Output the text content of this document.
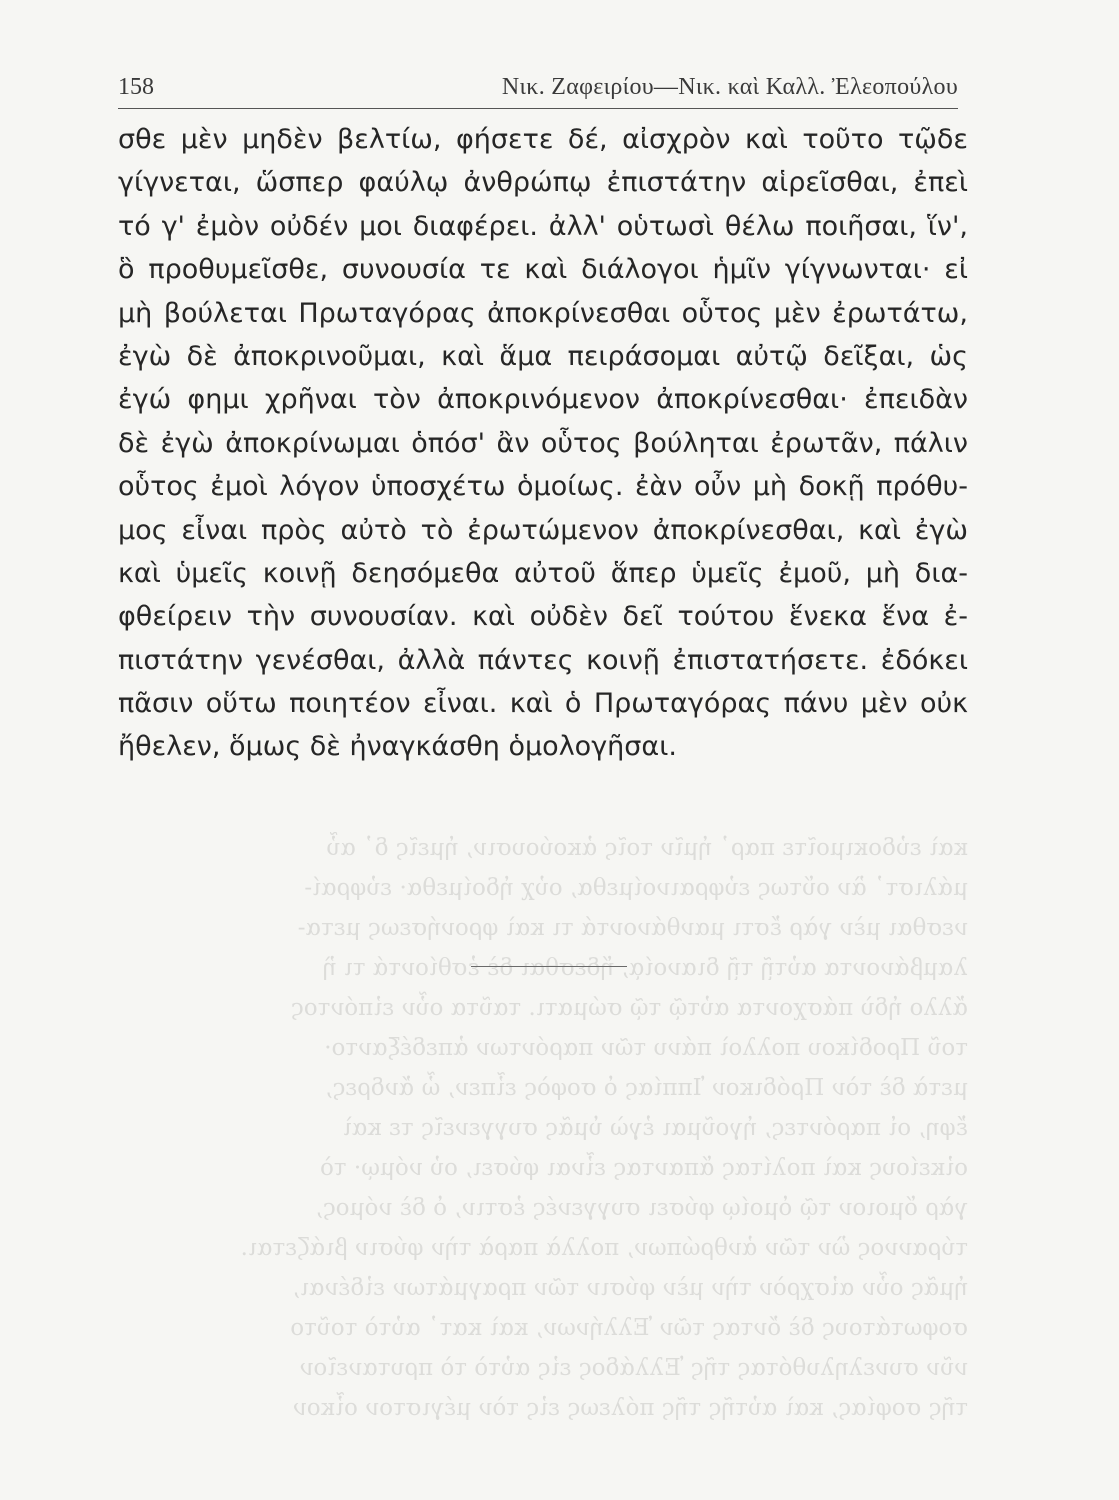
καὶ εὐδοκιμοῖτε παρ᾽ ἡμῖν τοῖς ἀκούουσιν, ἡμεῖς δ᾽ αὖ
μάλιστ᾽ ἂν οὕτως εὐφραινοίμεθα, οὐχ ἡδοίμεθα· εὐφραί-
νεσθαι μὲν γὰρ ἔστι μανθάνοντά τι καὶ φρονήσεως μετα-
λαμβάνοντα αὐτῇ τῇ διανοίᾳ, ἥδεσθαι δὲ ἐσθίοντά τι ἢ
ἄλλο ἡδὺ πάσχοντα αὐτῷ τῷ σώματι. ταῦτα οὖν εἰπόντος
τοῦ Προδίκου πολλοὶ πάνυ τῶν παρόντων ἀπεδέξαντο·
μετὰ δὲ τὸν Πρόδικον Ἱππίας ὁ σοφὸς εἶπεν, ὦ ἄνδρες,
ἔφη, οἱ παρόντες, ἡγοῦμαι ἐγὼ ὑμᾶς συγγενεῖς τε καὶ
οἰκείους καὶ πολίτας ἅπαντας εἶναι φύσει, οὐ νόμῳ· τὸ
γὰρ ὅμοιον τῷ ὁμοίῳ φύσει συγγενές ἐστιν, ὁ δὲ νόμος,
τύραννος ὢν τῶν ἀνθρώπων, πολλὰ παρὰ τὴν φύσιν βιάζεται.
ἡμᾶς οὖν αἰσχρὸν τὴν μὲν φύσιν τῶν πραγμάτων εἰδέναι,
σοφωτάτους δὲ ὄντας τῶν Ἑλλήνων, καὶ κατ᾽ αὐτὸ τοῦτο
νῦν συνεληλυθότας τῆς Ἑλλάδος εἰς αὐτὸ τὸ πρυτανεῖον
τῆς σοφίας, καὶ αὐτῆς τῆς πόλεως εἰς τὸν μέγιστον οἶκον
158	Νικ. Ζαφειρίου—Νικ. καὶ Καλλ. Ἐλεοπούλου
σθε μὲν μηδὲν βελτίω, φήσετε δέ, αἰσχρὸν καὶ τοῦτο τῷδε
γίγνεται, ὥσπερ φαύλῳ ἀνθρώπῳ ἐπιστάτην αἱρεῖσθαι, ἐπεὶ
τό γ' ἐμὸν οὐδέν μοι διαφέρει. ἀλλ' οὑτωσὶ θέλω ποιῆσαι, ἵν',
ὃ προθυμεῖσθε, συνουσία τε καὶ διάλογοι ἡμῖν γίγνωνται· εἰ
μὴ βούλεται Πρωταγόρας ἀποκρίνεσθαι οὗτος μὲν ἐρωτάτω,
ἐγὼ δὲ ἀποκρινοῦμαι, καὶ ἅμα πειράσομαι αὐτῷ δεῖξαι, ὡς
ἐγώ φημι χρῆναι τὸν ἀποκρινόμενον ἀποκρίνεσθαι· ἐπειδὰν
δὲ ἐγὼ ἀποκρίνωμαι ὁπόσ' ἂν οὗτος βούληται ἐρωτᾶν, πάλιν
οὗτος ἐμοὶ λόγον ὑποσχέτω ὁμοίως. ἐὰν οὖν μὴ δοκῇ πρόθυ-
μος εἶναι πρὸς αὐτὸ τὸ ἐρωτώμενον ἀποκρίνεσθαι, καὶ ἐγὼ
καὶ ὑμεῖς κοινῇ δεησόμεθα αὐτοῦ ἅπερ ὑμεῖς ἐμοῦ, μὴ δια-
φθείρειν τὴν συνουσίαν. καὶ οὐδὲν δεῖ τούτου ἕνεκα ἕνα ἐ-
πιστάτην γενέσθαι, ἀλλὰ πάντες κοινῇ ἐπιστατήσετε. ἐδόκει
πᾶσιν οὕτω ποιητέον εἶναι. καὶ ὁ Πρωταγόρας πάνυ μὲν οὐκ
ἤθελεν, ὅμως δὲ ἠναγκάσθη ὁμολογῆσαι.
